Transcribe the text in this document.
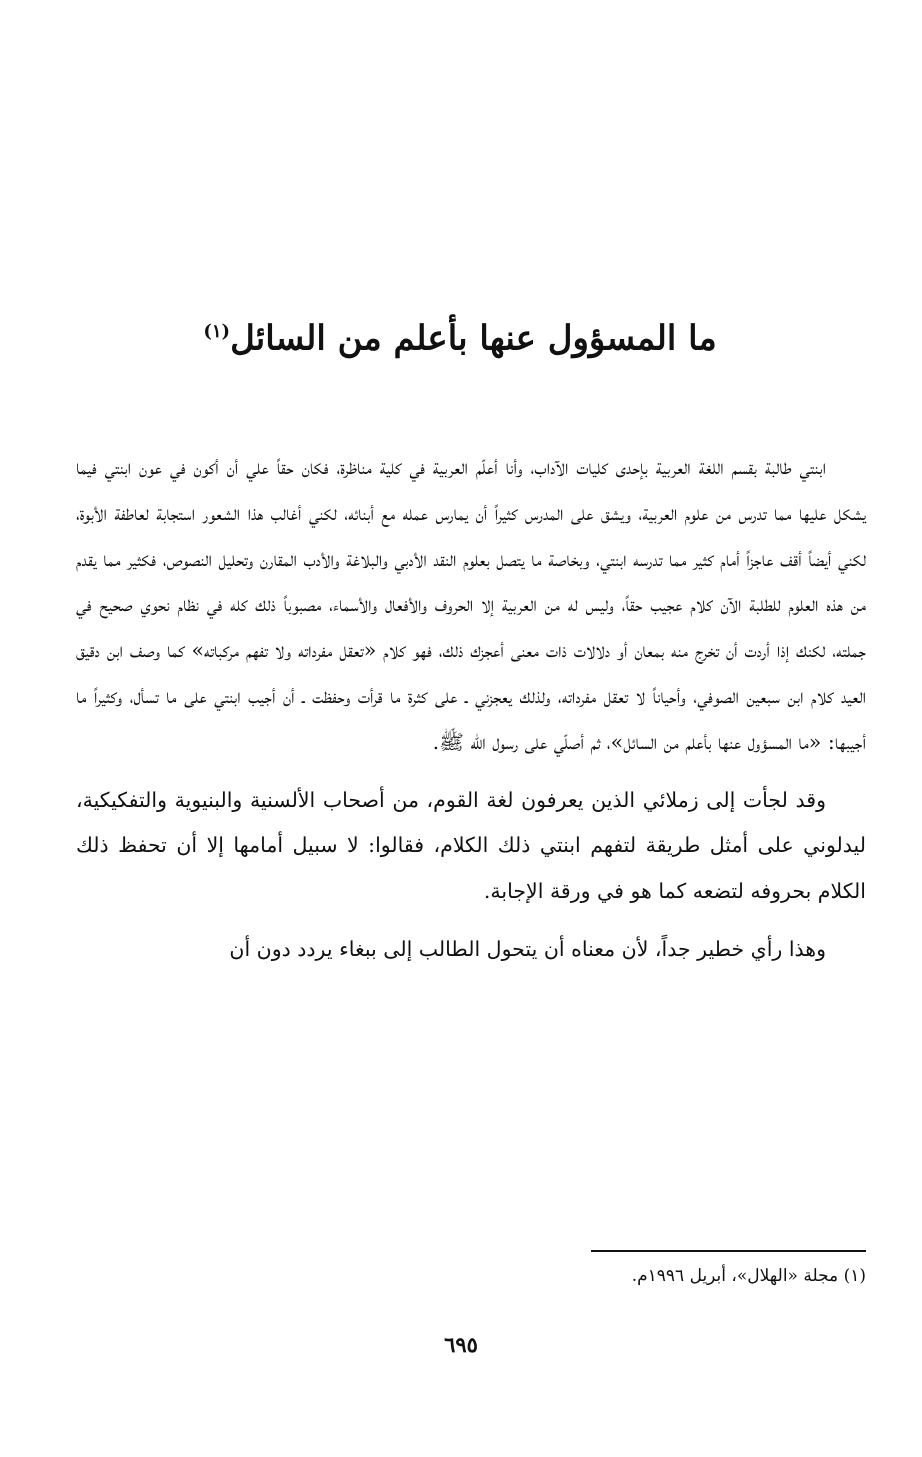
ما المسؤول عنها بأعلم من السائل$^{(١)}$

ابنتي طالبة بقسم اللغة العربية بإحدى كليات الآداب، وأنا أعلّم العربية في كلية مناظرة، فكان حقاً علي أن أكون في عون ابنتي فيما يشكل عليها مما تدرس من علوم العربية، ويشق على المدرس كثيراً أن يمارس عمله مع أبنائه، لكني أغالب هذا الشعور استجابة لعاطفة الأبوة، لكني أيضاً أقف عاجزاً أمام كثير مما تدرسه ابنتي، وبخاصة ما يتصل بعلوم النقد الأدبي والبلاغة والأدب المقارن وتحليل النصوص، فكثير مما يقدم من هذه العلوم للطلبة الآن كلام عجيب حقاً، وليس له من العربية إلا الحروف والأفعال والأسماء، مصبوباً ذلك كله في نظام نحوي صحيح في جملته، لكنك إذا أردت أن تخرج منه بمعان أو دلالات ذات معنى أعجزك ذلك، فهو كلام «تعقل مفرداته ولا تفهم مركباته» كما وصف ابن دقيق العيد كلام ابن سبعين الصوفي، وأحياناً لا تعقل مفرداته، ولذلك يعجزني ـ على كثرة ما قرأت وحفظت ـ أن أجيب ابنتي على ما تسأل، وكثيراً ما أجيبها: «ما المسؤول عنها بأعلم من السائل»، ثم أصلّي على رسول الله ﷺ.

وقد لجأت إلى زملائي الذين يعرفون لغة القوم، من أصحاب الألسنية والبنيوية والتفكيكية، ليدلوني على أمثل طريقة لتفهم ابنتي ذلك الكلام، فقالوا: لا سبيل أمامها إلا أن تحفظ ذلك الكلام بحروفه لتضعه كما هو في ورقة الإجابة.

وهذا رأي خطير جداً، لأن معناه أن يتحول الطالب إلى ببغاء يردد دون أن

(١) مجلة «الهلال»، أبريل ١٩٩٦م.
٦٩٥
